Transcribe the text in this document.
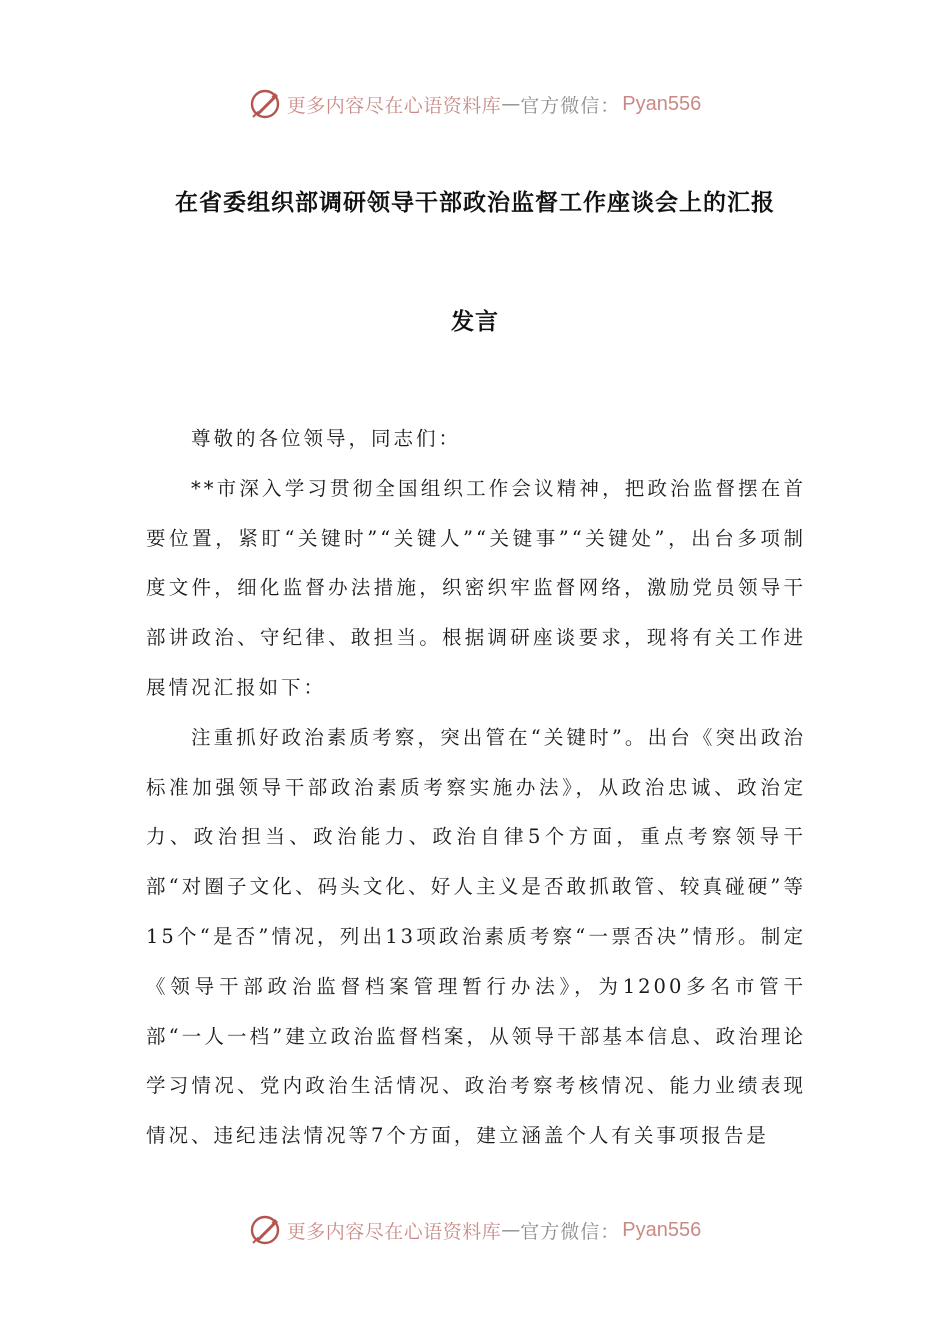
更多内容尽在心语资料库 — 官方微信： Pyan556
在省委组织部调研领导干部政治监督工作座谈会上的汇报
发言

尊敬的各位领导，同志们：

**市深入学习贯彻全国组织工作会议精神，把政治监督摆在首要位置，紧盯“关键时”“关键人”“关键事”“关键处”，出台多项制度文件，细化监督办法措施，织密织牢监督网络，激励党员领导干部讲政治、守纪律、敢担当。根据调研座谈要求，现将有关工作进展情况汇报如下：

注重抓好政治素质考察，突出管在“关键时”。出台《突出政治标准加强领导干部政治素质考察实施办法》，从政治忠诚、政治定力、政治担当、政治能力、政治自律5个方面，重点考察领导干部“对圈子文化、码头文化、好人主义是否敢抓敢管、较真碰硬”等15个“是否”情况，列出13项政治素质考察“一票否决”情形。制定《领导干部政治监督档案管理暂行办法》，为1200多名市管干部“一人一档”建立政治监督档案，从领导干部基本信息、政治理论学习情况、党内政治生活情况、政治考察考核情况、能力业绩表现情况、违纪违法情况等7个方面，建立涵盖个人有关事项报告是

更多内容尽在心语资料库 — 官方微信： Pyan556
